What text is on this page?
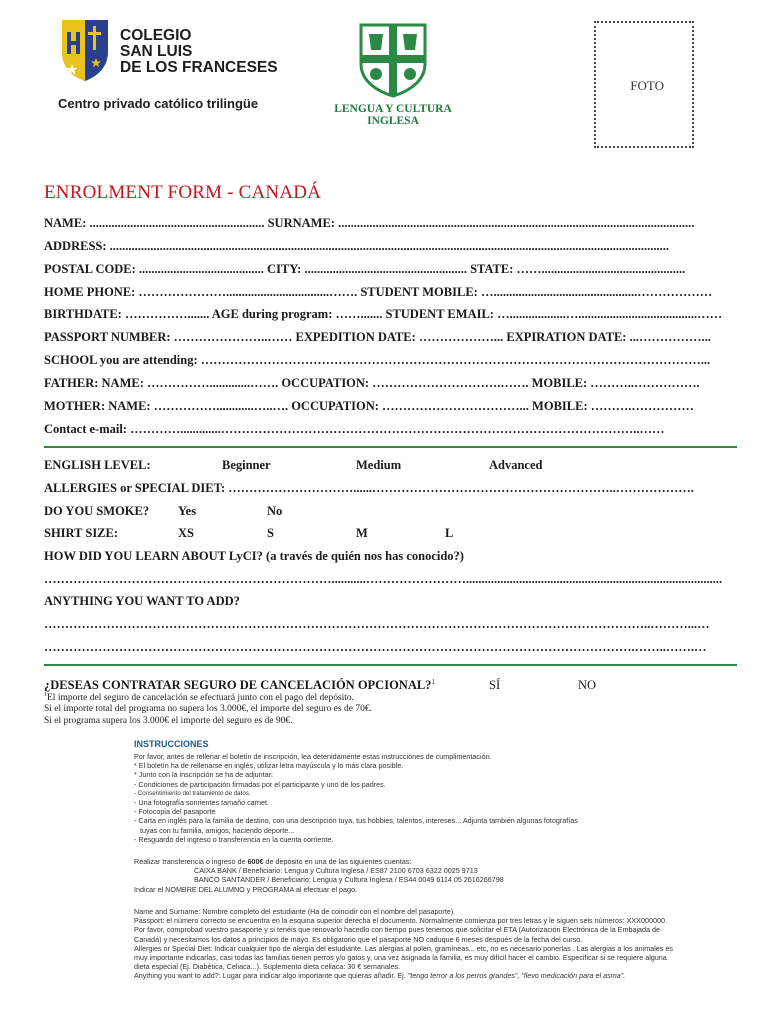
COLEGIO
SAN LUIS
DE LOS FRANCESES
Centro privado católico trilingüe	LENGUA Y CULTURA
INGLESA
FOTO
ENROLMENT FORM - CANADÁ
NAME: ........................................................ SURNAME: ..................................................................................................................
ADDRESS: ...................................................................................................................................................................................
POSTAL CODE: ........................................ CITY: .................................................... STATE: ……..............................................
HOME PHONE: ………………….................................……. STUDENT MOBILE: …..............................................………………
BIRTHDATE: ……………....... AGE during program: ……....... STUDENT EMAIL: …..................…......................................……
PASSPORT NUMBER: …………………..…… EXPEDITION DATE: ………………... EXPIRATION DATE: ...……………...
SCHOOL you are attending: …………………………………………………………………………………………………………...
FATHER: NAME: …………….............……. OCCUPATION: ………………………….……. MOBILE: ………..…………….
MOTHER: NAME: ……………............…..…. OCCUPATION: ……………………………... MOBILE: ……….……………
Contact e-mail: ………….............………………………………………………………………………………………..……
ENGLISH LEVEL:	Beginner	Medium	Advanced
ALLERGIES or SPECIAL DIET: …………………………......…………………………………………………..……………….
DO YOU SMOKE? Yes	No
SHIRT SIZE:	XS	S	M	L
HOW DID YOU LEARN ABOUT LyCI? (a través de quién nos has conocido?)
……………………………………………………………...........……………………..................................................................................
ANYTHING YOU WANT TO ADD?
………………………………………………………………………………………………………………………………..………...…
…………………………………………………………………………………………………………………………….……..…….…
¿DESEAS CONTRATAR SEGURO DE CANCELACIÓN OPCIONAL?$^1$	SÍ	NO
$^1$El importe del seguro de cancelación se efectuará junto con el pago del depósito.
Si el importe total del programa no supera los 3.000€, el importe del seguro es de 70€.
Si el programa supera los 3.000€ el importe del seguro es de 90€.
INSTRUCCIONES
Por favor, antes de rellenar el boletín de inscripción, lea detenidamente estas instrucciones de cumplimentación.
* El boletín ha de rellenarse en inglés, utilizar letra mayúscula y lo más clara posible.
* Junto con la inscripción se ha de adjuntar:
- Condiciones de participación firmadas por el participante y uno de los padres.
- Consentimiento del tratamiento de datos.
- Una fotografía sonrientes tamaño carnet.
- Fotocopia del pasaporte
- Carta en inglés para la familia de destino, con una descripción tuya, tus hobbies, talentos, intereses... Adjunta también algunas fotografías
tuyas con tu familia, amigos, haciendo deporte...
- Resguardo del ingreso o transferencia en la cuenta corriente.
Realizar transferencia o ingreso de 600€ de depósito en una de las siguientes cuentas:
CAIXA BANK / Beneficiario: Lengua y Cultura Inglesa / ES87 2100 6703 6322 0025 9713
BANCO SANTANDER / Beneficiario: Lengua y Cultura Inglesa / ES44 0049 6114 05 2616266798
Indicar el NOMBRE DEL ALUMNO y PROGRAMA al efectuar el pago.
Name and Surname: Nombre completo del estudiante (Ha de coincidir con el nombre del pasaporte).
Passport: el número correcto se encuentra en la esquina superior derecha el documento. Normalmente comienza por tres letras y le siguen seis números: XXX000000.
Por favor, comprobad vuestro pasaporte y si tenéis que renovarlo hacedlo con tiempo pues tenemos que solicitar el ETA (Autorización Electrónica de la Embajada de
Canadá) y necesitamos los datos a principios de mayo. Es obligatorio que el pasaporte NO caduque 6 meses después de la fecha del curso.
Allergies or Special Diet: Indicar cualquier tipo de alergia del estudiante. Las alergias al polen, gramíneas... etc, no es necesario ponerlas . Las alergias a los animales es
muy importante indicarlas, casi todas las familias tienen perros y/o gatos y, una vez asignada la familia, es muy difícil hacer el cambio. Especificar si se requiere alguna
dieta especial (Ej. Diabética, Celiaca...). Suplemento dieta celiaca: 30 € semanales.
Anything you want to add?: Lugar para indicar algo importante que quieras añadir. Ej. "tengo terror a los perros grandes", "llevo medicación para el asma".
